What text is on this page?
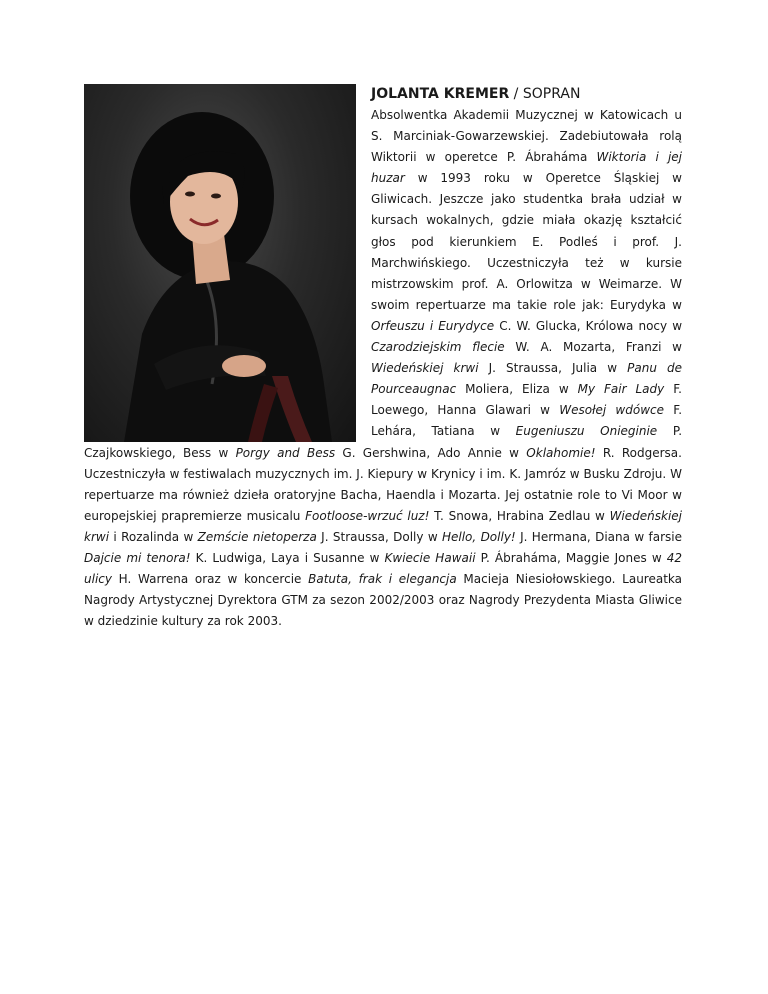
JOLANTA KREMER / SOPRAN
Absolwentka Akademii Muzycznej w Katowicach u S. Marciniak-Gowarzewskiej. Zadebiutowała rolą Wiktorii w operetce P. Ábraháma Wiktoria i jej huzar w 1993 roku w Operetce Śląskiej w Gliwicach. Jeszcze jako studentka brała udział w kursach wokalnych, gdzie miała okazję kształcić głos pod kierunkiem E. Podleś i prof. J. Marchwińskiego. Uczestniczyła też w kursie mistrzowskim prof. A. Orlowitza w Weimarze. W swoim repertuarze ma takie role jak: Eurydyka w Orfeuszu i Eurydyce C. W. Glucka, Królowa nocy w Czarodziejskim flecie W. A. Mozarta, Franzi w Wiedeńskiej krwi J. Straussa, Julia w Panu de Pourceaugnac Moliera, Eliza w My Fair Lady F. Loewego, Hanna Glawari w Wesołej wdówce F. Lehára, Tatiana w Eugeniuszu Onieginie P. Czajkowskiego, Bess w Porgy and Bess G. Gershwina, Ado Annie w Oklahomie! R. Rodgersa. Uczestniczyła w festiwalach muzycznych im. J. Kiepury w Krynicy i im. K. Jamróz w Busku Zdroju. W repertuarze ma również dzieła oratoryjne Bacha, Haendla i Mozarta. Jej ostatnie role to Vi Moor w europejskiej prapremierze musicalu Footloose-wrzuć luz! T. Snowa, Hrabina Zedlau w Wiedeńskiej krwi i Rozalinda w Zemście nietoperza J. Straussa, Dolly w Hello, Dolly! J. Hermana, Diana w farsie Dajcie mi tenora! K. Ludwiga, Laya i Susanne w Kwiecie Hawaii P. Ábraháma, Maggie Jones w 42 ulicy H. Warrena oraz w koncercie Batuta, frak i elegancja Macieja Niesiołowskiego. Laureatka Nagrody Artystycznej Dyrektora GTM za sezon 2002/2003 oraz Nagrody Prezydenta Miasta Gliwice w dziedzinie kultury za rok 2003.
